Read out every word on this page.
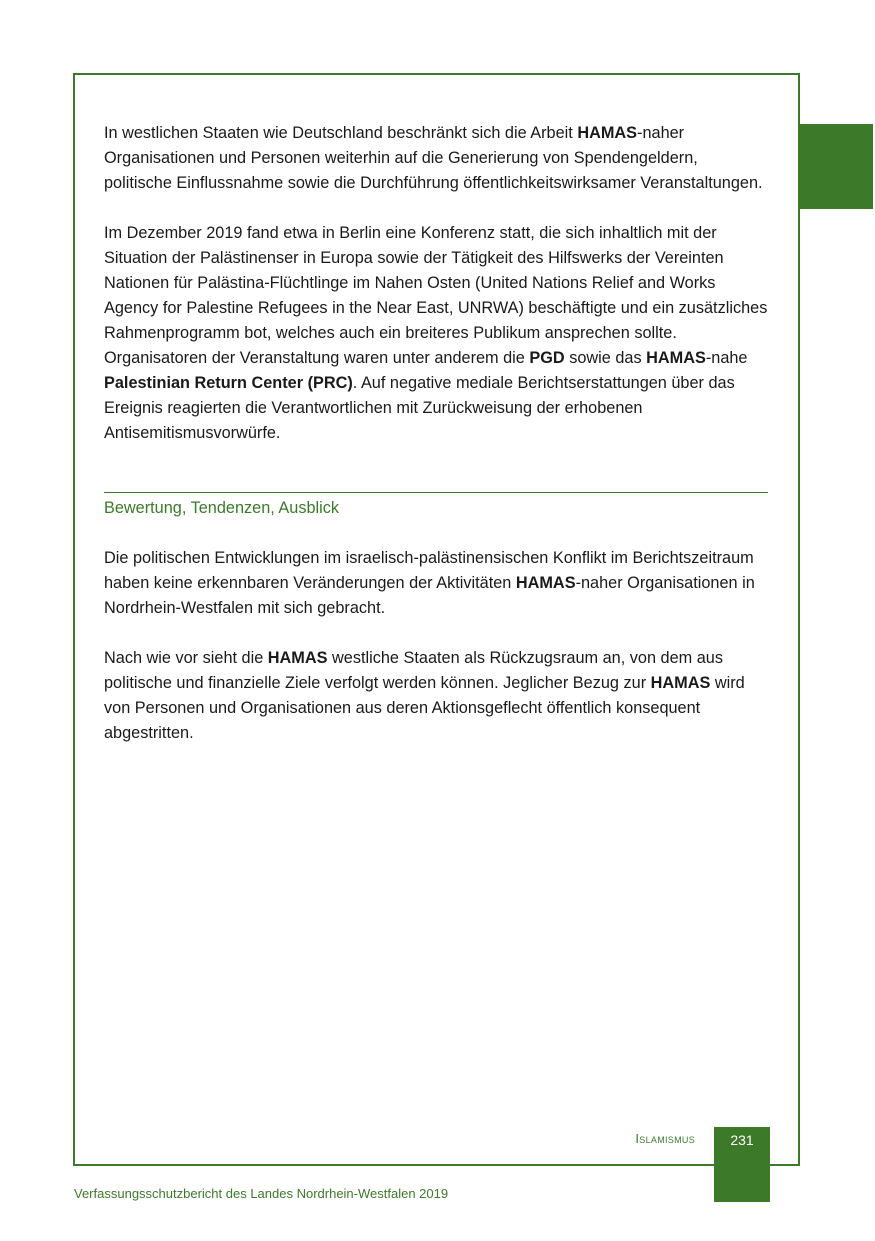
In westlichen Staaten wie Deutschland beschränkt sich die Arbeit HAMAS-naher Organisationen und Personen weiterhin auf die Generierung von Spendengeldern, politische Einflussnahme sowie die Durchführung öffentlichkeitswirksamer Veranstaltungen.

Im Dezember 2019 fand etwa in Berlin eine Konferenz statt, die sich inhaltlich mit der Situation der Palästinenser in Europa sowie der Tätigkeit des Hilfswerks der Vereinten Nationen für Palästina-Flüchtlinge im Nahen Osten (United Nations Relief and Works Agency for Palestine Refugees in the Near East, UNRWA) beschäftigte und ein zusätzliches Rahmenprogramm bot, welches auch ein breiteres Publikum ansprechen sollte. Organisatoren der Veranstaltung waren unter anderem die PGD sowie das HAMAS-nahe Palestinian Return Center (PRC). Auf negative mediale Berichtserstattungen über das Ereignis reagierten die Verantwortlichen mit Zurückweisung der erhobenen Antisemitismusvorwürfe.

Bewertung, Tendenzen, Ausblick

Die politischen Entwicklungen im israelisch-palästinensischen Konflikt im Berichtszeitraum haben keine erkennbaren Veränderungen der Aktivitäten HAMAS-naher Organisationen in Nordrhein-Westfalen mit sich gebracht.

Nach wie vor sieht die HAMAS westliche Staaten als Rückzugsraum an, von dem aus politische und finanzielle Ziele verfolgt werden können. Jeglicher Bezug zur HAMAS wird von Personen und Organisationen aus deren Aktionsgeflecht öffentlich konsequent abgestritten.

Islamismus	231
Verfassungsschutzbericht des Landes Nordrhein-Westfalen 2019
